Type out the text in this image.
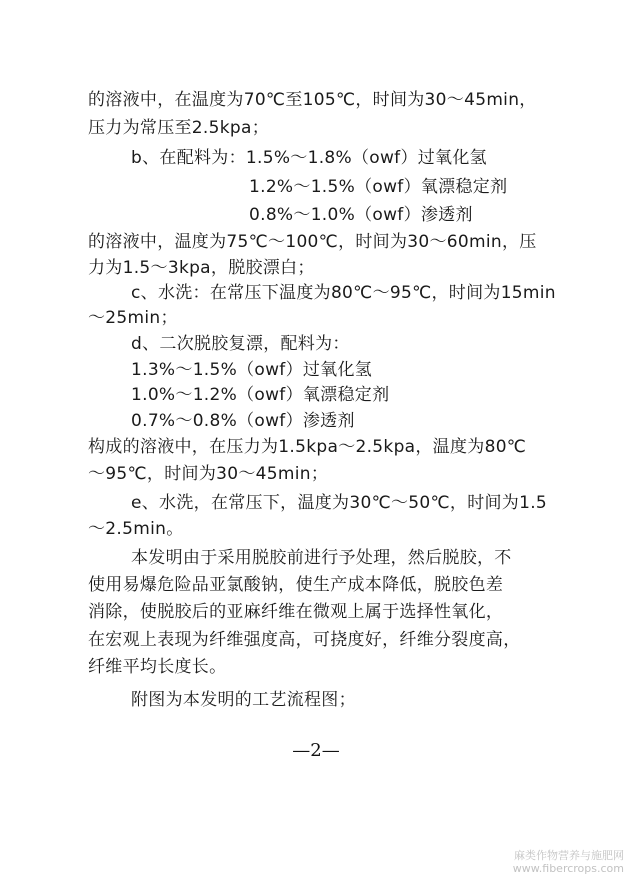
的溶液中，在温度为70℃至105℃，时间为30～45min，
压力为常压至2.5kpa；
b、在配料为：1.5%～1.8%（owf）过氧化氢
1.2%～1.5%（owf）氧漂稳定剂
0.8%～1.0%（owf）渗透剂
的溶液中，温度为75℃～100℃，时间为30～60min，压
力为1.5～3kpa，脱胶漂白；
c、水洗：在常压下温度为80℃～95℃，时间为15min
～25min；
d、二次脱胶复漂，配料为：
1.3%～1.5%（owf）过氧化氢
1.0%～1.2%（owf）氧漂稳定剂
0.7%～0.8%（owf）渗透剂
构成的溶液中，在压力为1.5kpa～2.5kpa，温度为80℃
～95℃，时间为30～45min；
e、水洗，在常压下，温度为30℃～50℃，时间为1.5
～2.5min。
本发明由于采用脱胶前进行予处理，然后脱胶，不
使用易爆危险品亚氯酸钠，使生产成本降低，脱胶色差
消除，使脱胶后的亚麻纤维在微观上属于选择性氧化，
在宏观上表现为纤维强度高，可挠度好，纤维分裂度高，
纤维平均长度长。
附图为本发明的工艺流程图；
—2—
麻类作物营养与施肥网
www.fibercrops.com
